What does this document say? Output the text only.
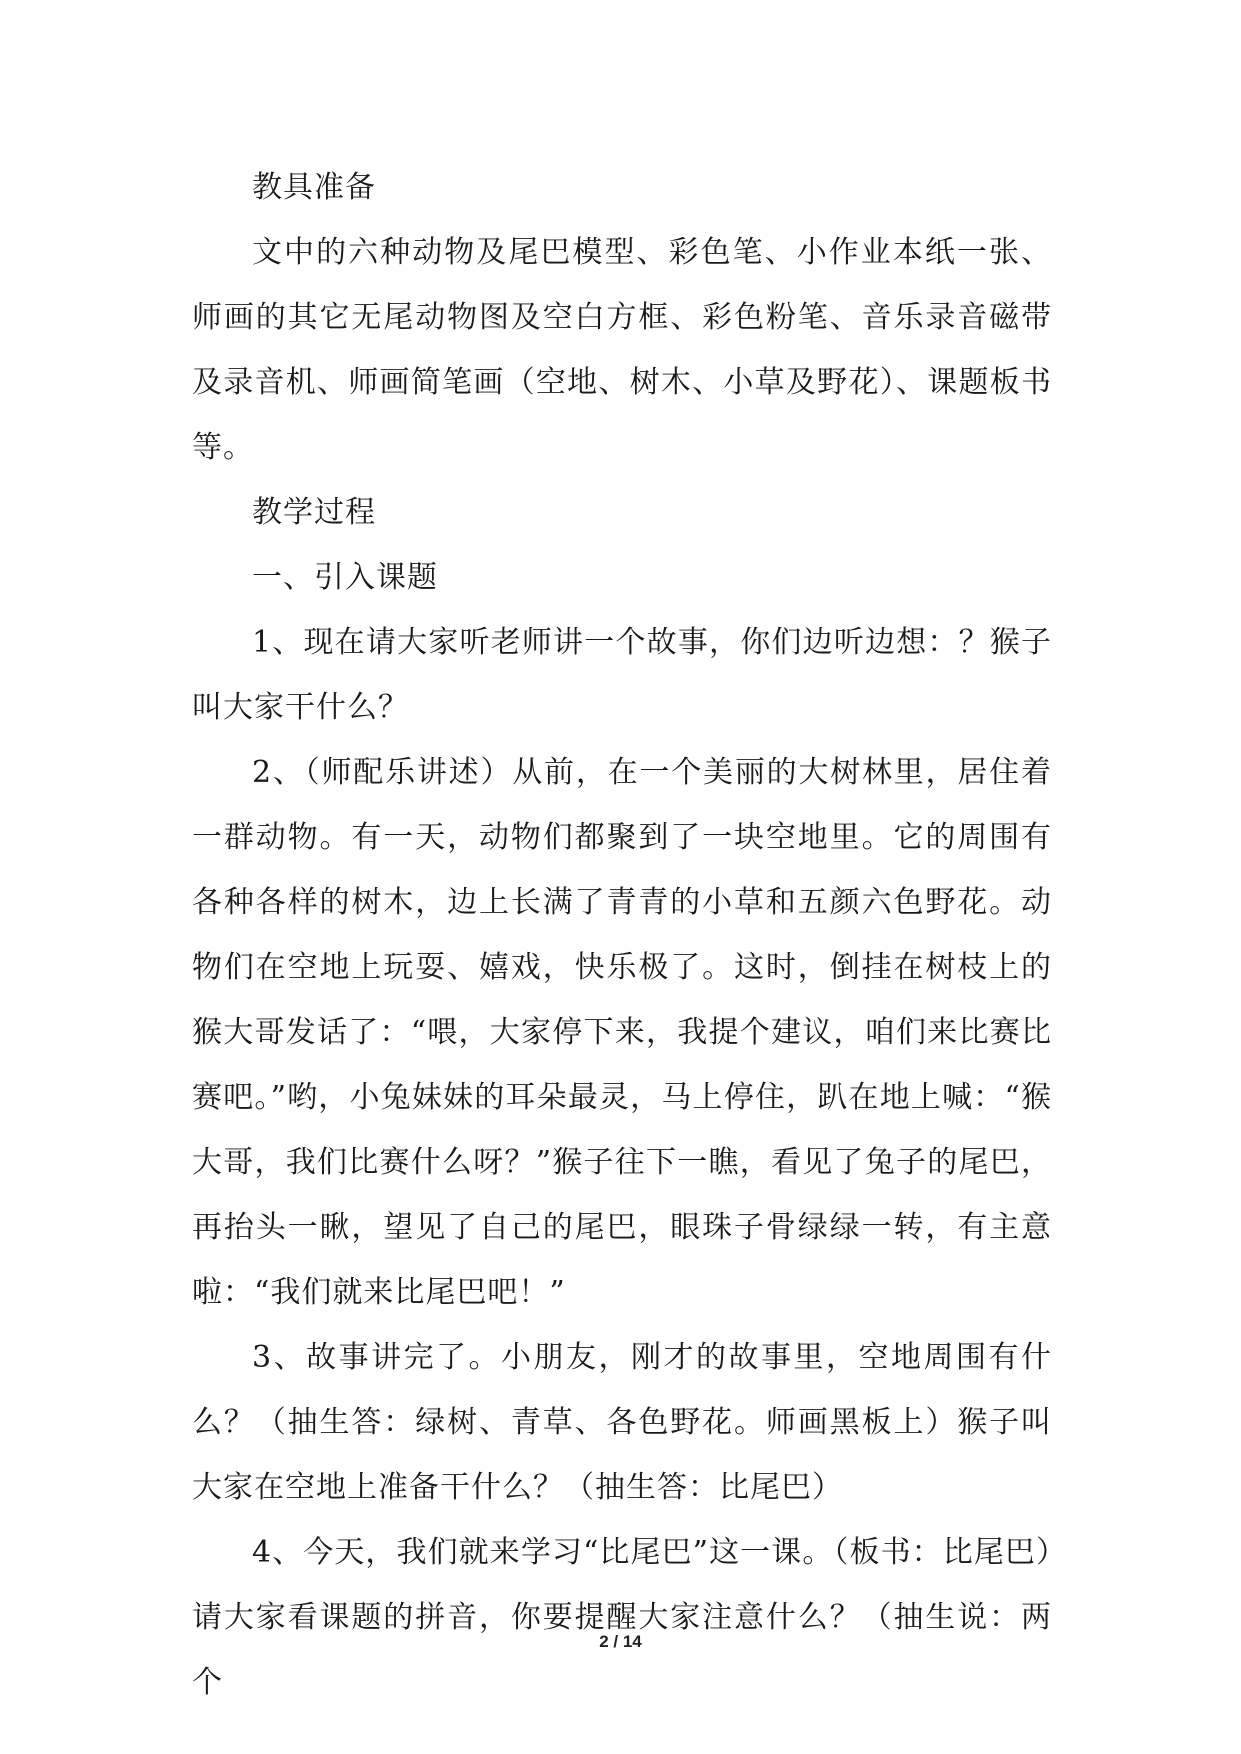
教具准备

文中的六种动物及尾巴模型、彩色笔、小作业本纸一张、师画的其它无尾动物图及空白方框、彩色粉笔、音乐录音磁带及录音机、师画简笔画（空地、树木、小草及野花）、课题板书等。

教学过程

一、引入课题

1、现在请大家听老师讲一个故事，你们边听边想：？猴子叫大家干什么？

2、（师配乐讲述）从前，在一个美丽的大树林里，居住着一群动物。有一天，动物们都聚到了一块空地里。它的周围有各种各样的树木，边上长满了青青的小草和五颜六色野花。动物们在空地上玩耍、嬉戏，快乐极了。这时，倒挂在树枝上的猴大哥发话了：“喂，大家停下来，我提个建议，咱们来比赛比赛吧。”哟，小兔妹妹的耳朵最灵，马上停住，趴在地上喊：“猴大哥，我们比赛什么呀？”猴子往下一瞧，看见了兔子的尾巴，再抬头一瞅，望见了自己的尾巴，眼珠子骨绿绿一转，有主意啦：“我们就来比尾巴吧！”

3、故事讲完了。小朋友，刚才的故事里，空地周围有什么？（抽生答：绿树、青草、各色野花。师画黑板上）猴子叫大家在空地上准备干什么？（抽生答：比尾巴）

4、今天，我们就来学习“比尾巴”这一课。（板书：比尾巴）请大家看课题的拼音，你要提醒大家注意什么？（抽生说：两个

2 / 14
